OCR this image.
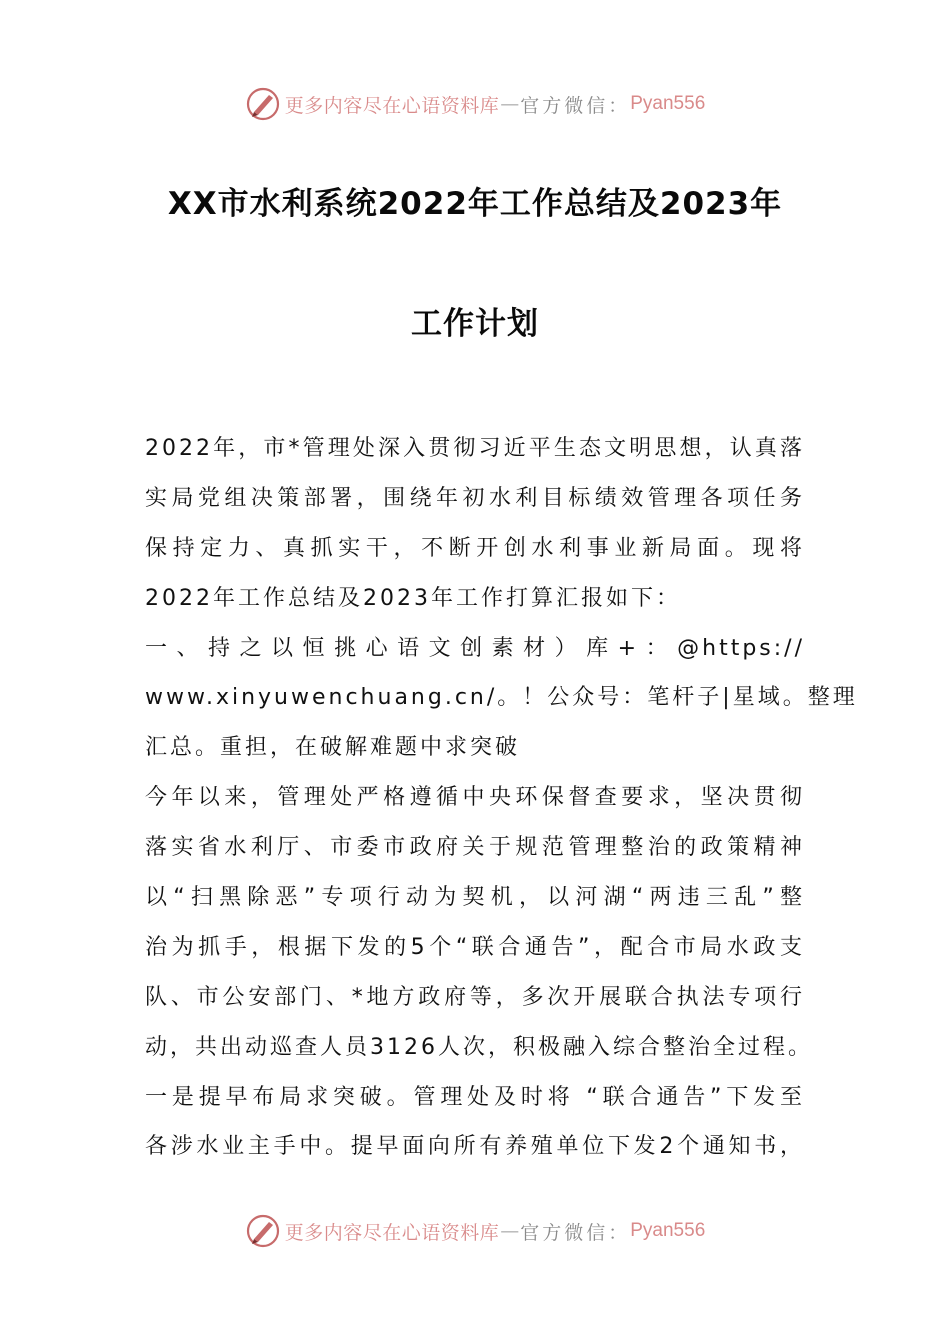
更多内容尽在心语资料库 — 官方微信： Pyan556
XX市水利系统2022年工作总结及2023年
工作计划
2022年，市*管理处深入贯彻习近平生态文明思想，认真落
实局党组决策部署，围绕年初水利目标绩效管理各项任务
保持定力、真抓实干，不断开创水利事业新局面。现将
2022年工作总结及2023年工作打算汇报如下：
一、持之以恒挑心语文创素材）库+：@https://
www.xinyuwenchuang.cn/。！公众号：笔杆子|星域。整理
汇总。重担，在破解难题中求突破
今年以来，管理处严格遵循中央环保督查要求，坚决贯彻
落实省水利厅、市委市政府关于规范管理整治的政策精神
以“扫黑除恶”专项行动为契机，以河湖“两违三乱”整
治为抓手，根据下发的5个“联合通告”，配合市局水政支
队、市公安部门、*地方政府等，多次开展联合执法专项行
动，共出动巡查人员3126人次，积极融入综合整治全过程。
一是提早布局求突破。管理处及时将 “联合通告”下发至
各涉水业主手中。提早面向所有养殖单位下发2个通知书，
更多内容尽在心语资料库 — 官方微信： Pyan556
